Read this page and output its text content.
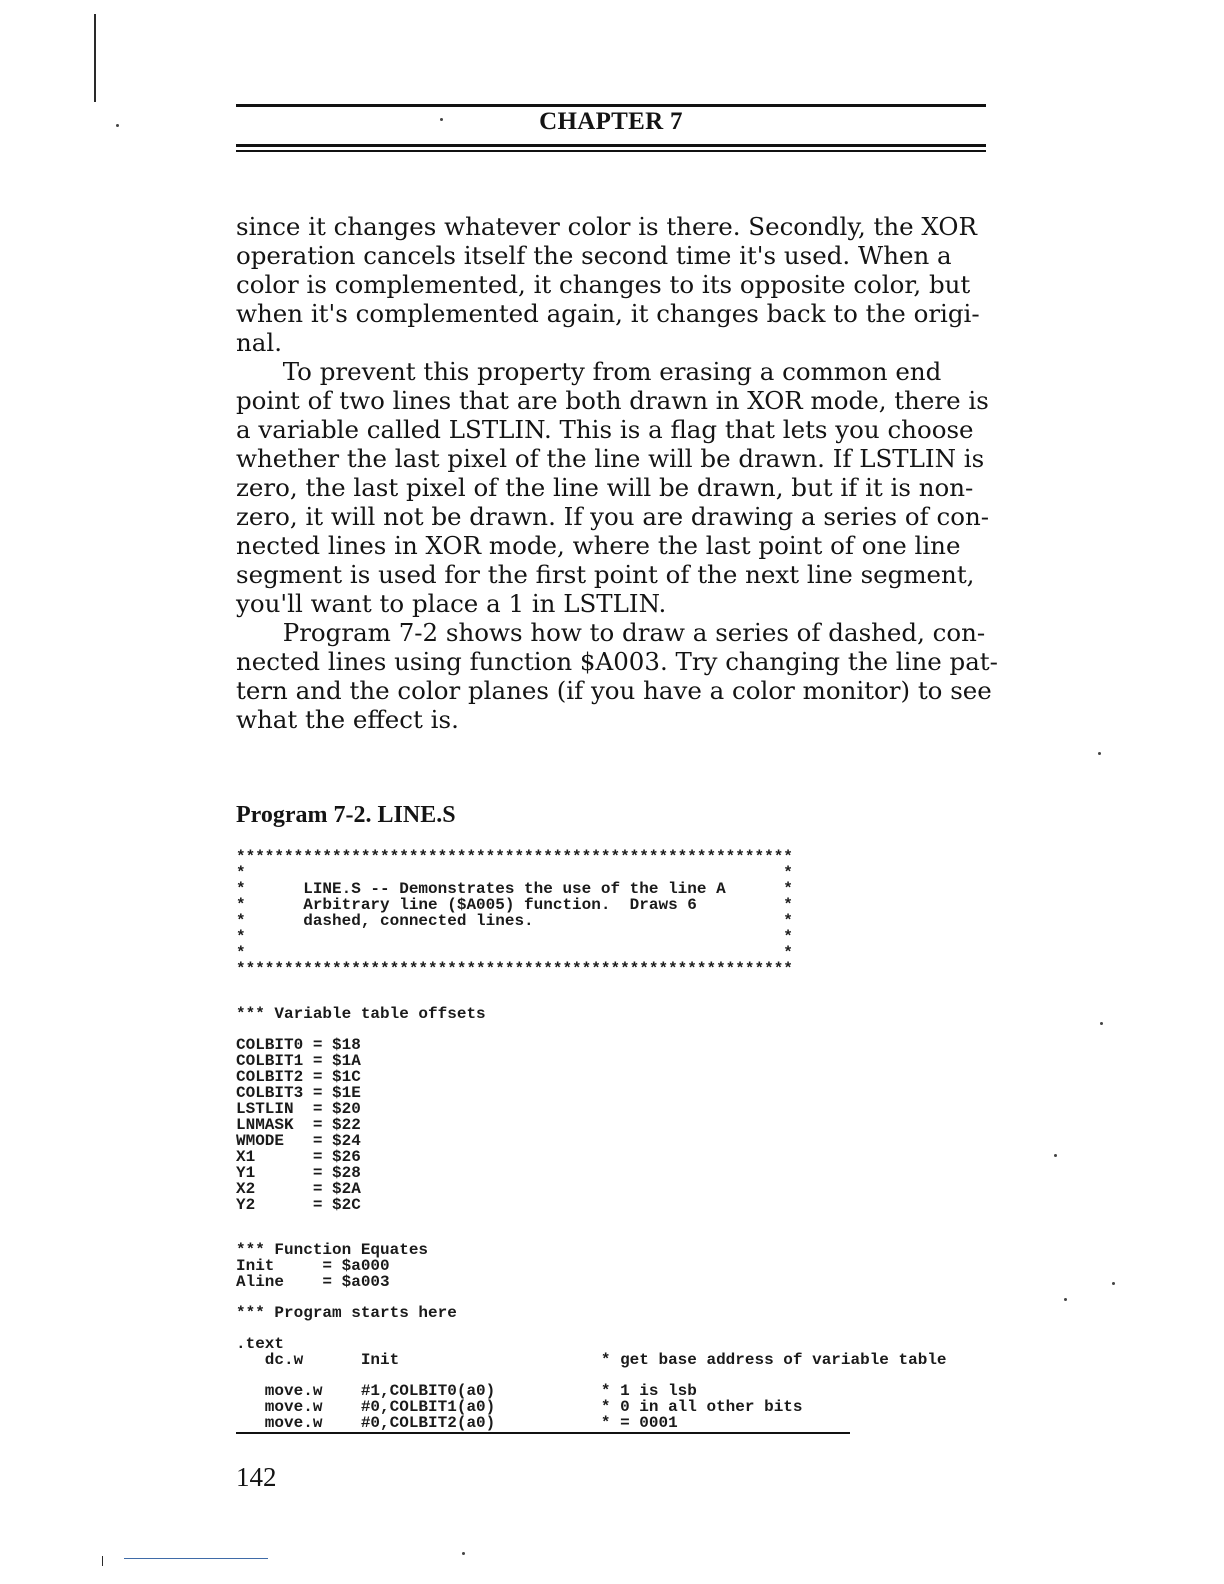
CHAPTER 7
since it changes whatever color is there. Secondly, the XOR
operation cancels itself the second time it's used. When a
color is complemented, it changes to its opposite color, but
when it's complemented again, it changes back to the origi-
nal.
To prevent this property from erasing a common end
point of two lines that are both drawn in XOR mode, there is
a variable called LSTLIN. This is a flag that lets you choose
whether the last pixel of the line will be drawn. If LSTLIN is
zero, the last pixel of the line will be drawn, but if it is non-
zero, it will not be drawn. If you are drawing a series of con-
nected lines in XOR mode, where the last point of one line
segment is used for the first point of the next line segment,
you'll want to place a 1 in LSTLIN.
Program 7-2 shows how to draw a series of dashed, con-
nected lines using function $A003. Try changing the line pat-
tern and the color planes (if you have a color monitor) to see
what the effect is.
Program 7-2. LINE.S
**********************************************************
*                                                        *
*      LINE.S -- Demonstrates the use of the line A      *
*      Arbitrary line ($A005) function.  Draws 6         *
*      dashed, connected lines.                          *
*                                                        *
*                                                        *
**********************************************************
*** Variable table offsets
COLBIT0 = $18
COLBIT1 = $1A
COLBIT2 = $1C
COLBIT3 = $1E
LSTLIN  = $20
LNMASK  = $22
WMODE   = $24
X1      = $26
Y1      = $28
X2      = $2A
Y2      = $2C
*** Function Equates
Init     = $a000
Aline    = $a003
*** Program starts here
.text
dc.w      Init                     * get base address of variable table
move.w    #1,COLBIT0(a0)           * 1 is lsb
move.w    #0,COLBIT1(a0)           * 0 in all other bits
move.w    #0,COLBIT2(a0)           * = 0001
142
